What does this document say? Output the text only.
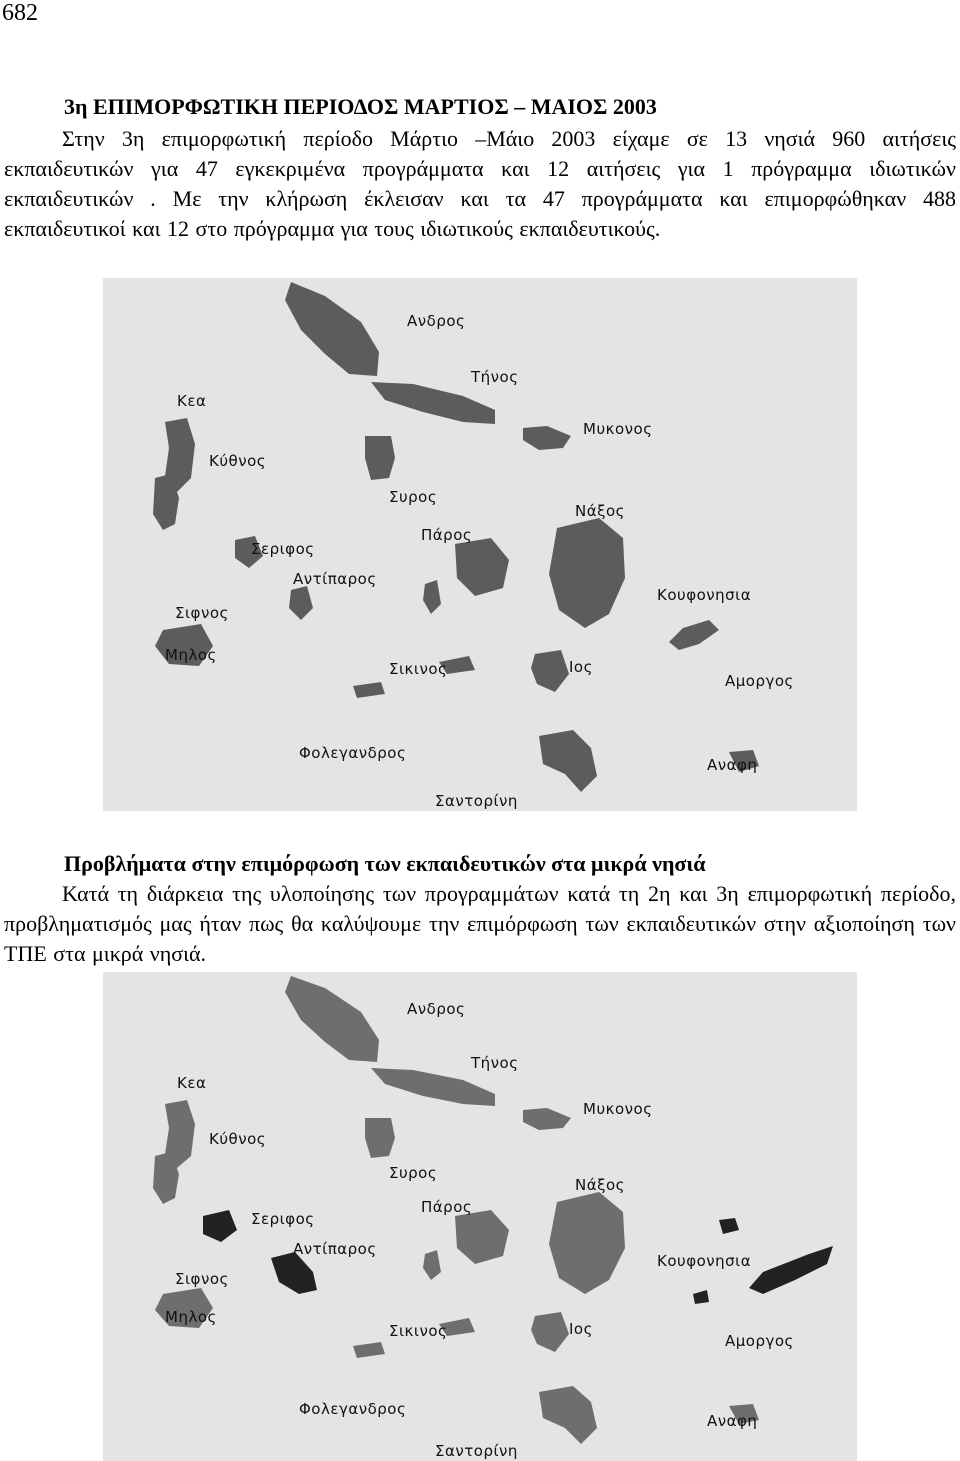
682
3η ΕΠΙΜΟΡΦΩΤΙΚΗ ΠΕΡΙΟΔΟΣ ΜΑΡΤΙΟΣ – ΜΑΙΟΣ 2003

Στην 3η επιμορφωτική περίοδο Μάρτιο –Μάιο 2003 είχαμε σε 13 νησιά 960 αιτήσεις εκπαιδευτικών για 47 εγκεκριμένα προγράμματα και 12 αιτήσεις για 1 πρόγραμμα ιδιωτικών εκπαιδευτικών . Με την κλήρωση έκλεισαν και τα 47 προγράμματα και επιμορφώθηκαν 488 εκπαιδευτικοί και 12 στο πρόγραμμα για τους ιδιωτικούς εκπαιδευτικούς.

Ανδρος
Τήνος
Κεα
Μυκονος
Κύθνος
Συρος
Νάξος
Πάρος
Σεριφος
Αντίπαρος
Κουφονησια
Σιφνος
Μηλος
Σικινος	Ιος
Αμοργος
Φολεγανδρος
Αναφη
Σαντορίνη
Προβλήματα στην επιμόρφωση των εκπαιδευτικών στα μικρά νησιά

Κατά τη διάρκεια της υλοποίησης των προγραμμάτων κατά τη 2η και 3η επιμορφωτική περίοδο, προβληματισμός μας ήταν πως θα καλύψουμε την επιμόρφωση των εκπαιδευτικών στην αξιοποίηση των ΤΠΕ στα μικρά νησιά.

Ανδρος
Τήνος
Κεα
Μυκονος
Κύθνος
Συρος
Νάξος
Πάρος
Σεριφος
Αντίπαρος
Κουφονησια
Σιφνος
Μηλος
Σικινος	Ιος
Αμοργος
Φολεγανδρος
Αναφη
Σαντορίνη
